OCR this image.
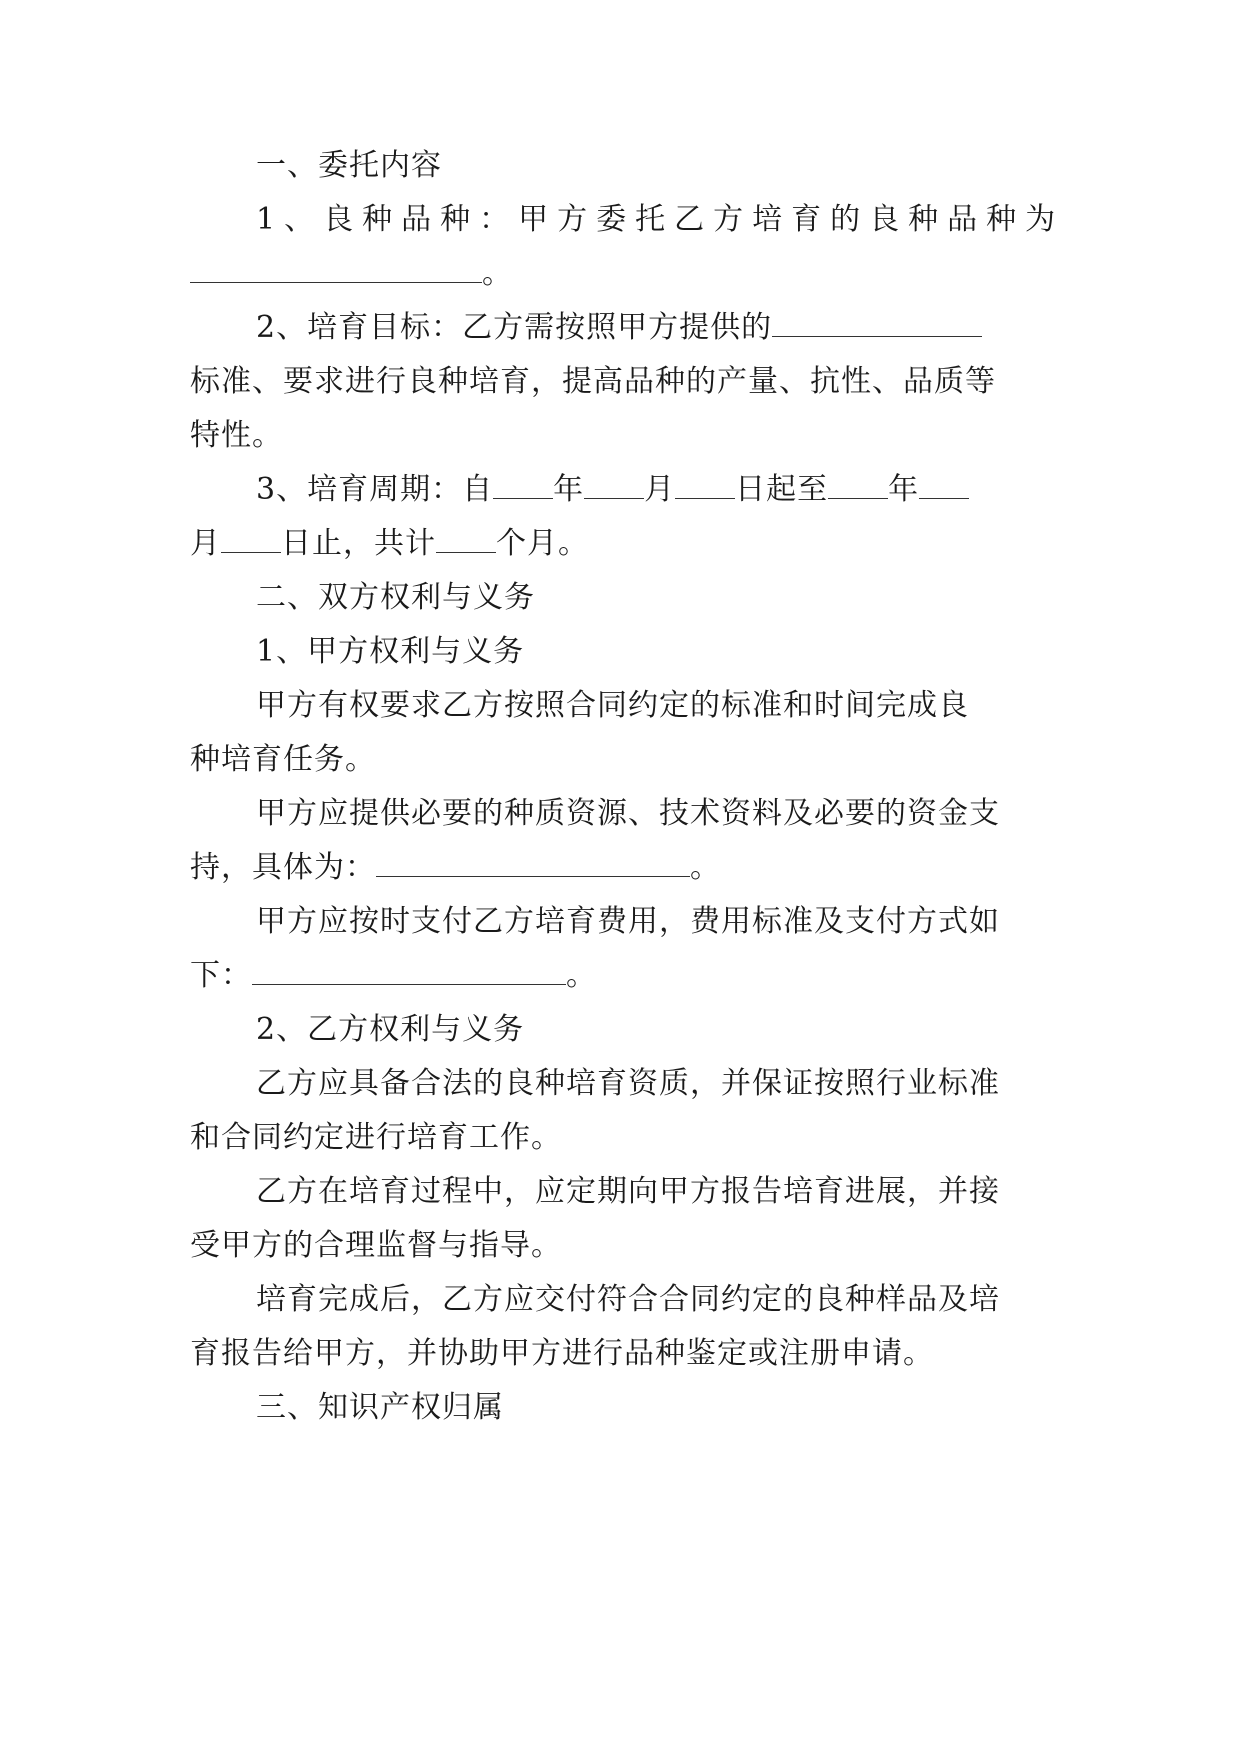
一、委托内容
1、良种品种：甲方委托乙方培育的良种品种为
。
2、培育目标：乙方需按照甲方提供的
标准、要求进行良种培育，提高品种的产量、抗性、品质等
特性。
3、培育周期：自 年 月 日起至 年
月 日止，共计 个月。
二、双方权利与义务
1、甲方权利与义务
甲方有权要求乙方按照合同约定的标准和时间完成良
种培育任务。
甲方应提供必要的种质资源、技术资料及必要的资金支
持，具体为：	。
甲方应按时支付乙方培育费用，费用标准及支付方式如
下：	。
2、乙方权利与义务
乙方应具备合法的良种培育资质，并保证按照行业标准
和合同约定进行培育工作。
乙方在培育过程中，应定期向甲方报告培育进展，并接
受甲方的合理监督与指导。
培育完成后，乙方应交付符合合同约定的良种样品及培
育报告给甲方，并协助甲方进行品种鉴定或注册申请。
三、知识产权归属
